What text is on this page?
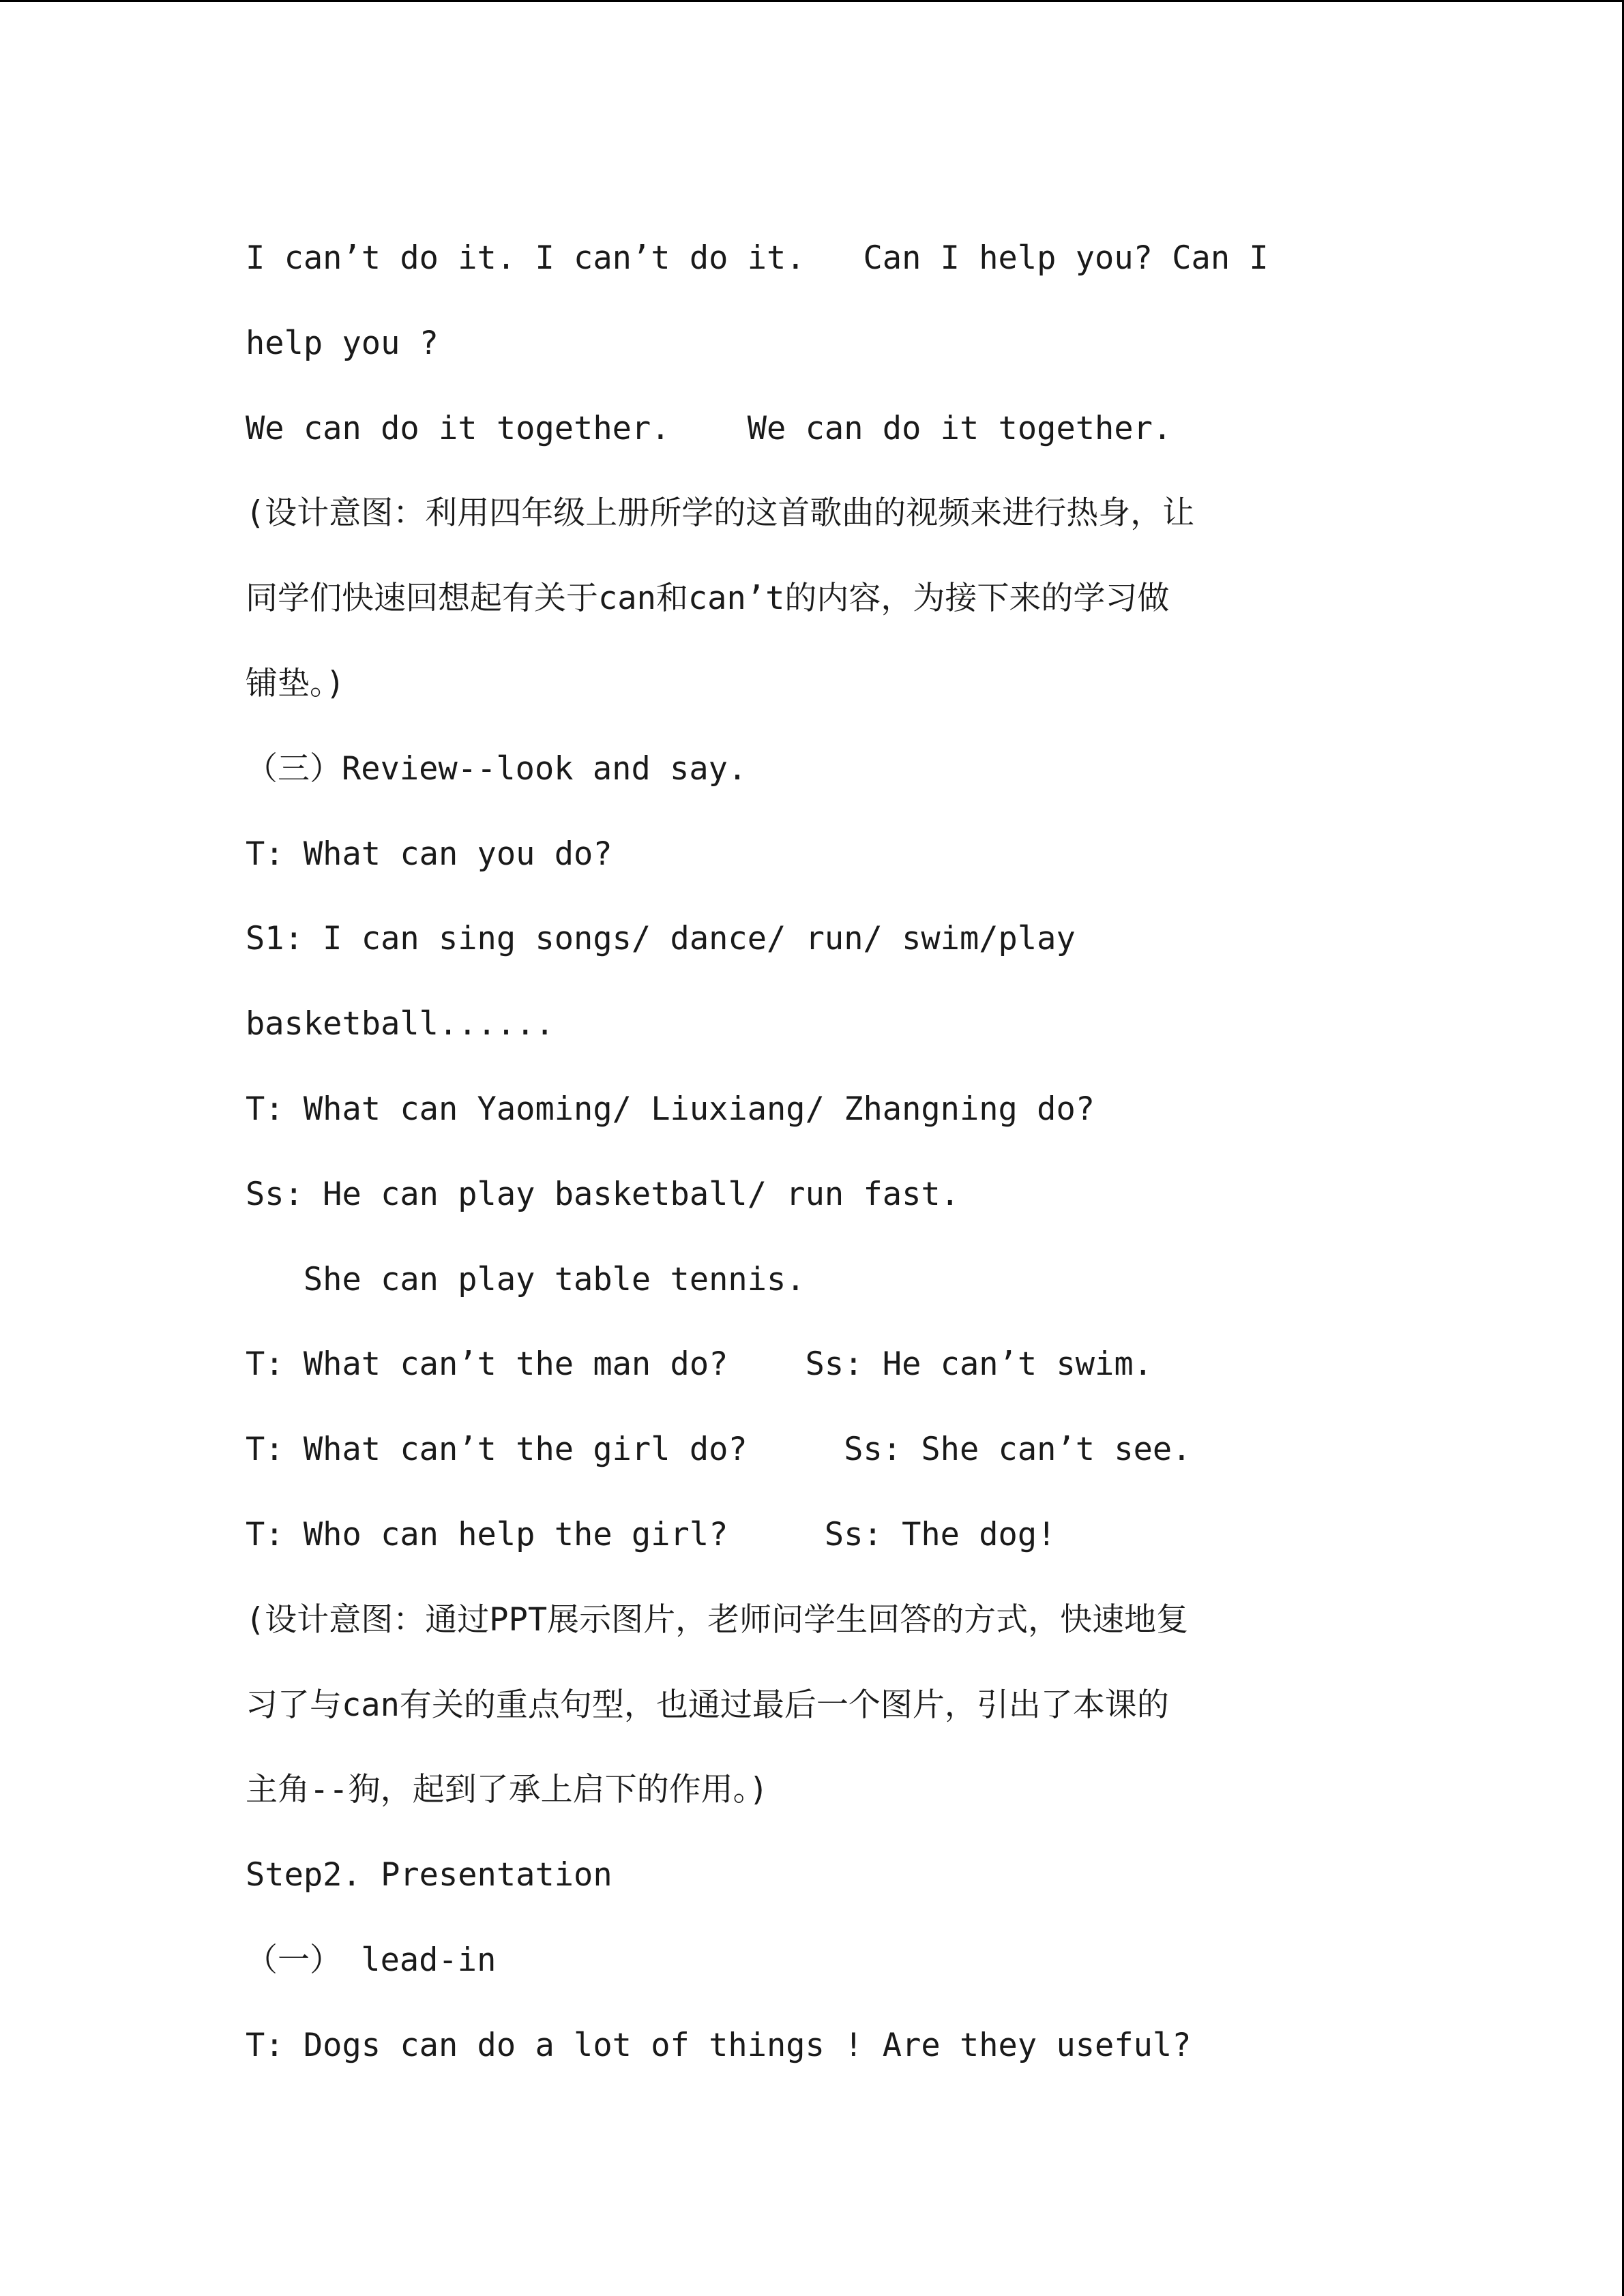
I can’t do it. I can’t do it.   Can I help you? Can I
help you ?
We can do it together.    We can do it together.
(设计意图：利用四年级上册所学的这首歌曲的视频来进行热身，让
同学们快速回想起有关于can和can’t的内容，为接下来的学习做
铺垫。)
（三）Review--look and say.
T: What can you do?
S1: I can sing songs/ dance/ run/ swim/play
basketball......
T: What can Yaoming/ Liuxiang/ Zhangning do?
Ss: He can play basketball/ run fast.
She can play table tennis.
T: What can’t the man do?    Ss: He can’t swim.
T: What can’t the girl do?     Ss: She can’t see.
T: Who can help the girl?     Ss: The dog!
(设计意图：通过PPT展示图片，老师问学生回答的方式，快速地复
习了与can有关的重点句型，也通过最后一个图片，引出了本课的
主角--狗，起到了承上启下的作用。)
Step2. Presentation
（一） lead-in
T: Dogs can do a lot of things ! Are they useful?
